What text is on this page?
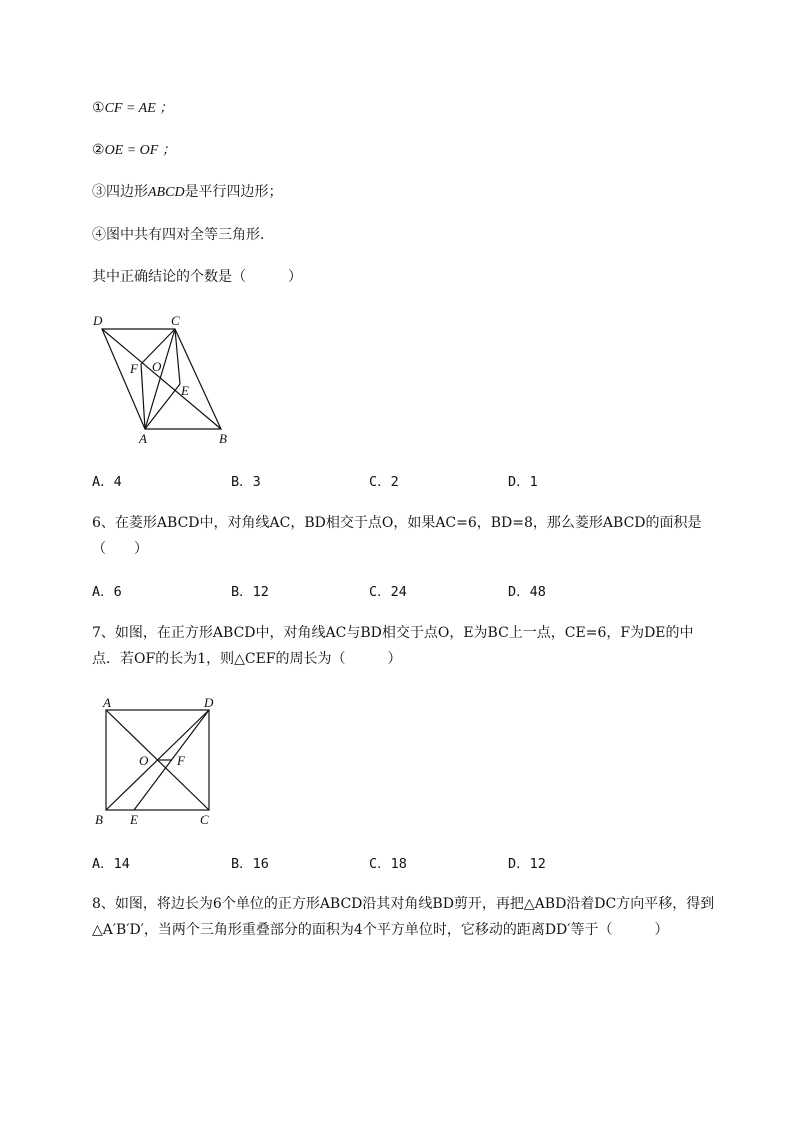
①CF = AE ；
②OE = OF ；
③四边形ABCD是平行四边形；
④图中共有四对全等三角形．
其中正确结论的个数是（　　　）
D	C
F O
E
A	B
A．4	B．3	C．2	D．1
6、在菱形ABCD中，对角线AC，BD相交于点O，如果AC=6，BD=8，那么菱形ABCD的面积是
（　　）
A．6	B．12	C．24	D．48
7、如图，在正方形ABCD中，对角线AC与BD相交于点O，E为BC上一点，CE=6，F为DE的中
点．若OF的长为1，则△CEF的周长为（　　　）
A	D
O F
B E	C
A．14	B．16	C．18	D．12
8、如图，将边长为6个单位的正方形ABCD沿其对角线BD剪开，再把△ABD沿着DC方向平移，得到
△A′B′D′，当两个三角形重叠部分的面积为4个平方单位时，它移动的距离DD′等于（　　　）
